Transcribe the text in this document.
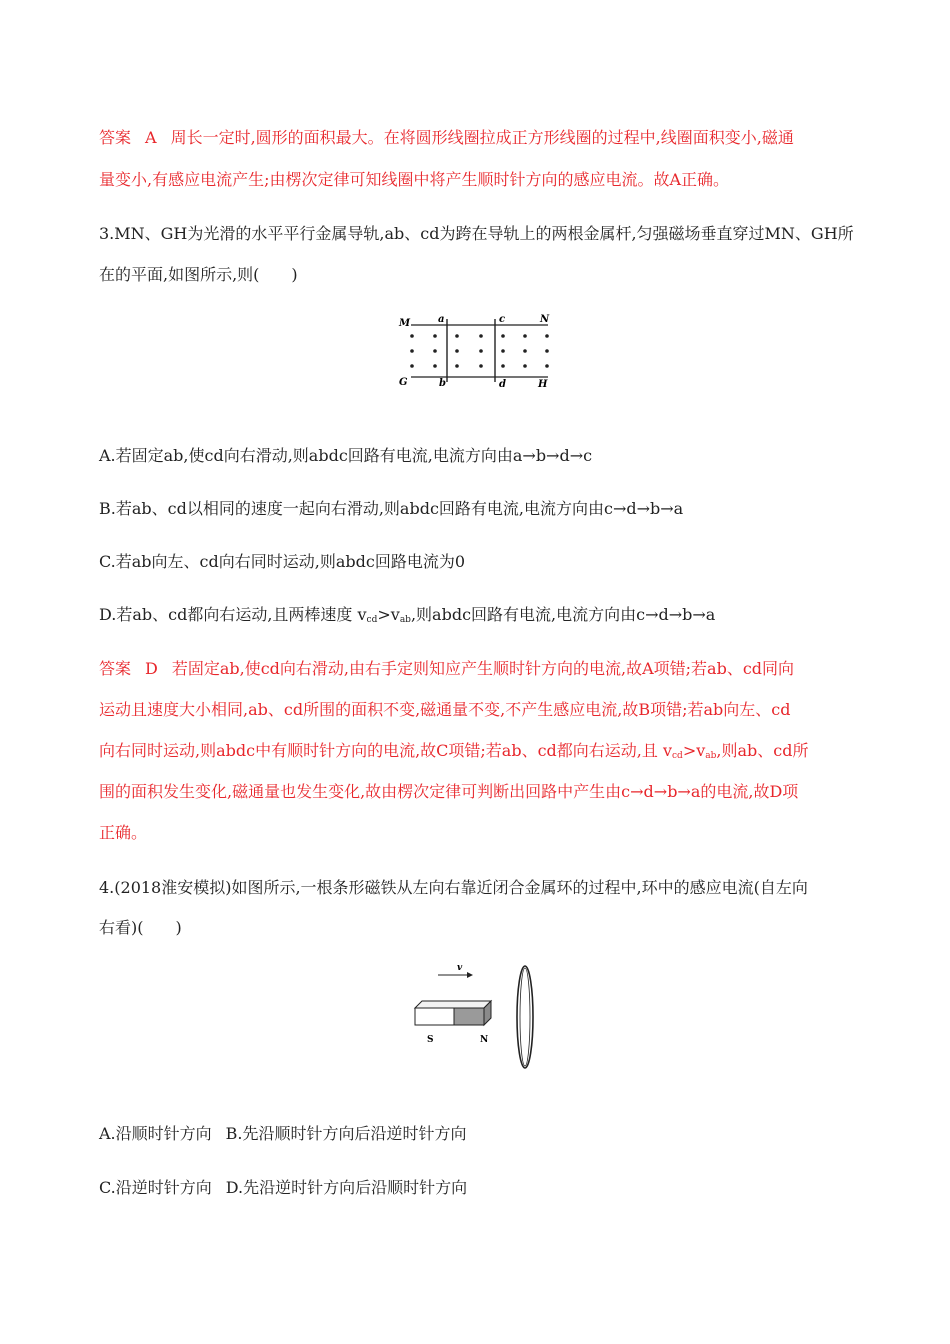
答案 A 周长一定时,圆形的面积最大。在将圆形线圈拉成正方形线圈的过程中,线圈面积变小,磁通
量变小,有感应电流产生;由楞次定律可知线圈中将产生顺时针方向的感应电流。故A正确。
3.MN、GH为光滑的水平平行金属导轨,ab、cd为跨在导轨上的两根金属杆,匀强磁场垂直穿过MN、GH所
在的平面,如图所示,则(　　)
M	N
G	H
a
b
c
d
A.若固定ab,使cd向右滑动,则abdc回路有电流,电流方向由a→b→d→c
B.若ab、cd以相同的速度一起向右滑动,则abdc回路有电流,电流方向由c→d→b→a
C.若ab向左、cd向右同时运动,则abdc回路电流为0
D.若ab、cd都向右运动,且两棒速度 $v_{cd}>v_{ab}$,则abdc回路有电流,电流方向由c→d→b→a
答案 D 若固定ab,使cd向右滑动,由右手定则知应产生顺时针方向的电流,故A项错;若ab、cd同向
运动且速度大小相同,ab、cd所围的面积不变,磁通量不变,不产生感应电流,故B项错;若ab向左、cd
向右同时运动,则abdc中有顺时针方向的电流,故C项错;若ab、cd都向右运动,且 $v_{cd}>v_{ab}$,则ab、cd所
围的面积发生变化,磁通量也发生变化,故由楞次定律可判断出回路中产生由c→d→b→a的电流,故D项
正确。
4.(2018淮安模拟)如图所示,一根条形磁铁从左向右靠近闭合金属环的过程中,环中的感应电流(自左向
右看)(　　)
v
S	N
A.沿顺时针方向 B.先沿顺时针方向后沿逆时针方向
C.沿逆时针方向 D.先沿逆时针方向后沿顺时针方向
